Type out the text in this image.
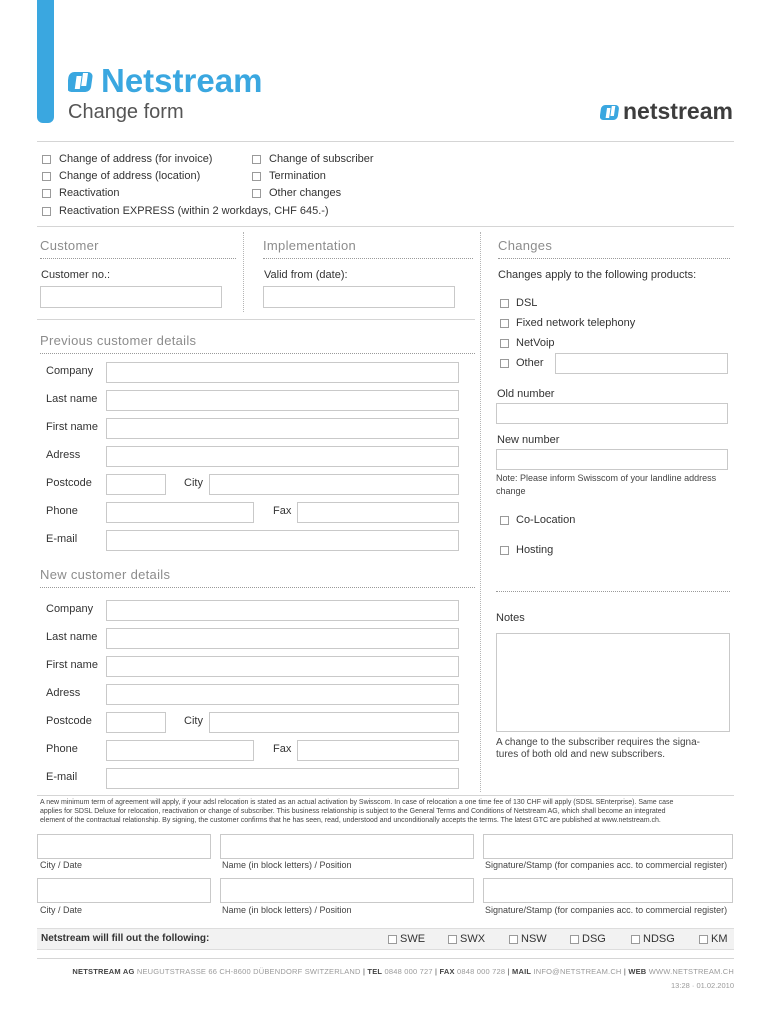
Netstream
Change form	netstream
Change of address (for invoice)
Change of address (location)
Reactivation
Reactivation EXPRESS (within 2 workdays, CHF 645.-)
Change of subscriber
Termination
Other changes
Customer
Customer no.:
Implementation
Valid from (date):
Previous customer details
Company
Last name
First name
Adress
Postcode	City
Phone	Fax
E-mail
New customer details
Company
Last name
First name
Adress
Postcode	City
Phone	Fax
E-mail
Changes
Changes apply to the following products:
DSL
Fixed network telephony
NetVoip
Other
Old number
New number
Note: Please inform Swisscom of your landline address
change
Co-Location
Hosting
Notes
A change to the subscriber requires the signa-
tures of both old and new subscribers.
A new minimum term of agreement will apply, if your adsl relocation is stated as an actual activation by Swisscom. In case of relocation a one time fee of 130 CHF will apply (SDSL SEnterprise). Same case
applies for SDSL Deluxe for relocation, reactivation or change of subscriber. This business relationship is subject to the General Terms and Conditions of Netstream AG, which shall become an integrated
element of the contractual relationship. By signing, the customer confirms that he has seen, read, understood and unconditionally accepts the terms. The latest GTC are published at www.netstream.ch.
City / Date	Name (in block letters) / Position	Signature/Stamp (for companies acc. to commercial register)
City / Date	Name (in block letters) / Position	Signature/Stamp (for companies acc. to commercial register)
Netstream will fill out the following:	SWE	SWX	NSW	DSG	NDSG	KM
NETSTREAM AG NEUGUTSTRASSE 66 CH-8600 DÜBENDORF SWITZERLAND | TEL 0848 000 727 | FAX 0848 000 728 | MAIL INFO@NETSTREAM.CH | WEB WWW.NETSTREAM.CH
13:28 · 01.02.2010
